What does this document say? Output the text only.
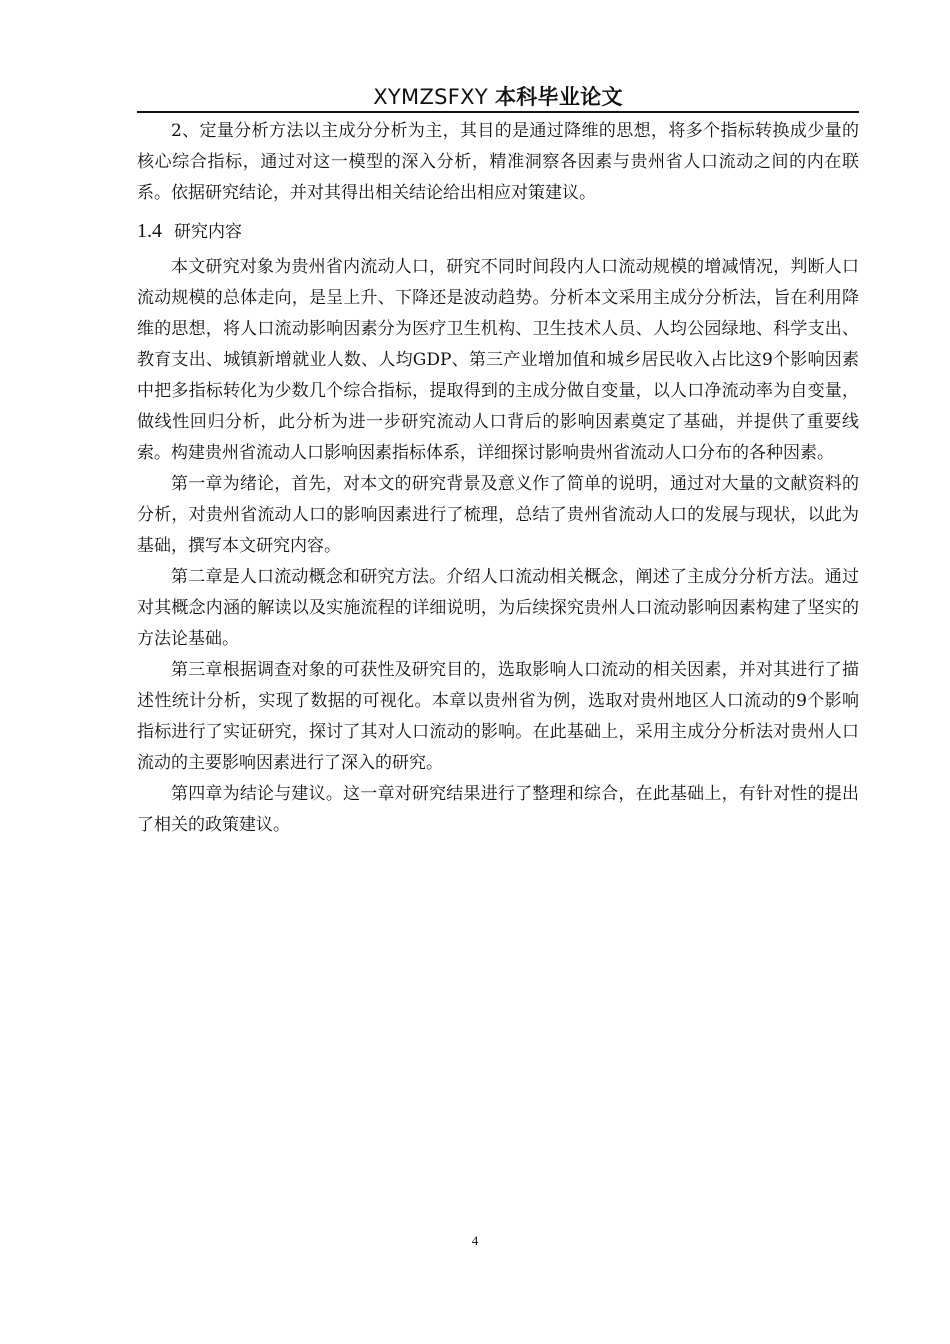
XYMZSFXY 本科毕业论文

2、定量分析方法以主成分分析为主，其目的是通过降维的思想，将多个指标转换成少量的核心综合指标，通过对这一模型的深入分析，精准洞察各因素与贵州省人口流动之间的内在联系。依据研究结论，并对其得出相关结论给出相应对策建议。

1.4 研究内容

本文研究对象为贵州省内流动人口，研究不同时间段内人口流动规模的增减情况，判断人口流动规模的总体走向，是呈上升、下降还是波动趋势。分析本文采用主成分分析法，旨在利用降维的思想，将人口流动影响因素分为医疗卫生机构、卫生技术人员、人均公园绿地、科学支出、教育支出、城镇新增就业人数、人均GDP、第三产业增加值和城乡居民收入占比这9个影响因素中把多指标转化为少数几个综合指标，提取得到的主成分做自变量，以人口净流动率为自变量，做线性回归分析，此分析为进一步研究流动人口背后的影响因素奠定了基础，并提供了重要线索。构建贵州省流动人口影响因素指标体系，详细探讨影响贵州省流动人口分布的各种因素。

第一章为绪论，首先，对本文的研究背景及意义作了简单的说明，通过对大量的文献资料的分析，对贵州省流动人口的影响因素进行了梳理，总结了贵州省流动人口的发展与现状，以此为基础，撰写本文研究内容。

第二章是人口流动概念和研究方法。介绍人口流动相关概念，阐述了主成分分析方法。通过对其概念内涵的解读以及实施流程的详细说明，为后续探究贵州人口流动影响因素构建了坚实的方法论基础。

第三章根据调查对象的可获性及研究目的，选取影响人口流动的相关因素，并对其进行了描述性统计分析，实现了数据的可视化。本章以贵州省为例，选取对贵州地区人口流动的9个影响指标进行了实证研究，探讨了其对人口流动的影响。在此基础上，采用主成分分析法对贵州人口流动的主要影响因素进行了深入的研究。

第四章为结论与建议。这一章对研究结果进行了整理和综合，在此基础上，有针对性的提出了相关的政策建议。

4
